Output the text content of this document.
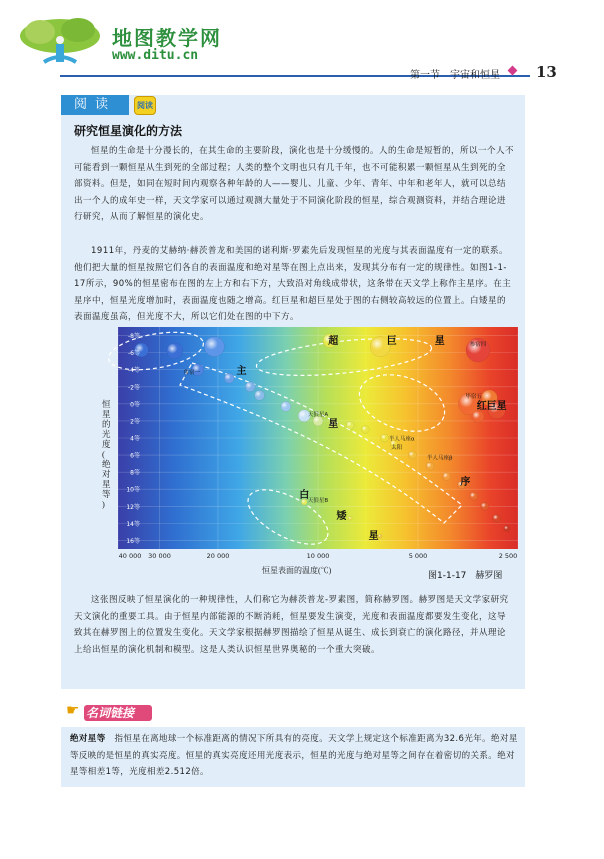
地图教学网
www.ditu.cn
第一节　宇宙和恒星 13
阅读	阅读
研究恒星演化的方法

恒星的生命是十分漫长的，在其生命的主要阶段，演化也是十分缓慢的。人的生命是短暂的，所以一个人不可能看到一颗恒星从生到死的全部过程；人类的整个文明也只有几千年，也不可能积累一颗恒星从生到死的全部资料。但是，如同在短时间内观察各种年龄的人——婴儿、儿童、少年、青年、中年和老年人，就可以总结出一个人的成年史一样，天文学家可以通过观测大量处于不同演化阶段的恒星，综合观测资料，并结合理论进行研究，从而了解恒星的演化史。

1911年，丹麦的艾赫纳·赫茨普龙和美国的诺利斯·罗素先后发现恒星的光度与其表面温度有一定的联系。他们把大量的恒星按照它们各自的表面温度和绝对星等在图上点出来，发现其分布有一定的规律性。如图1-1-17所示，90%的恒星密布在图的左上方和右下方，大致沿对角线成带状，这条带在天文学上称作主星序。在主星序中，恒星光度增加时，表面温度也随之增高。红巨星和超巨星处于图的右侧较高较远的位置上。白矮星的表面温度虽高，但光度不大，所以它们处在图的中下方。

参宿四
角宿一
毕宿五
天狼星A
半人马座α
太阳
半人马座β
天狼星B
超	巨	星
主
星
序
红巨星
白
矮
星
-8等
-6等
-4等
-2等
0等
2等
4等
6等
8等
10等
12等
14等
16等
40 000 30 000	20 000	10 000	5 000	2 500
恒星的光度(绝对星等)
恒星表面的温度(℃)
图1-1-17　赫罗图

这张图反映了恒星演化的一种规律性，人们称它为赫茨普龙-罗素图，简称赫罗图。赫罗图是天文学家研究天文演化的重要工具。由于恒星内部能源的不断消耗，恒星要发生演变，光度和表面温度都要发生变化，这导致其在赫罗图上的位置发生变化。天文学家根据赫罗图描绘了恒星从诞生、成长到衰亡的演化路径，并从理论上给出恒星的演化机制和模型。这是人类认识恒星世界奥秘的一个重大突破。

☛ 名词链接
绝对星等　指恒星在离地球一个标准距离的情况下所具有的亮度。天文学上规定这个标准距离为32.6光年。绝对星等反映的是恒星的真实亮度。恒星的真实亮度还用光度表示，恒星的光度与绝对星等之间存在着密切的关系。绝对星等相差1等，光度相差2.512倍。
